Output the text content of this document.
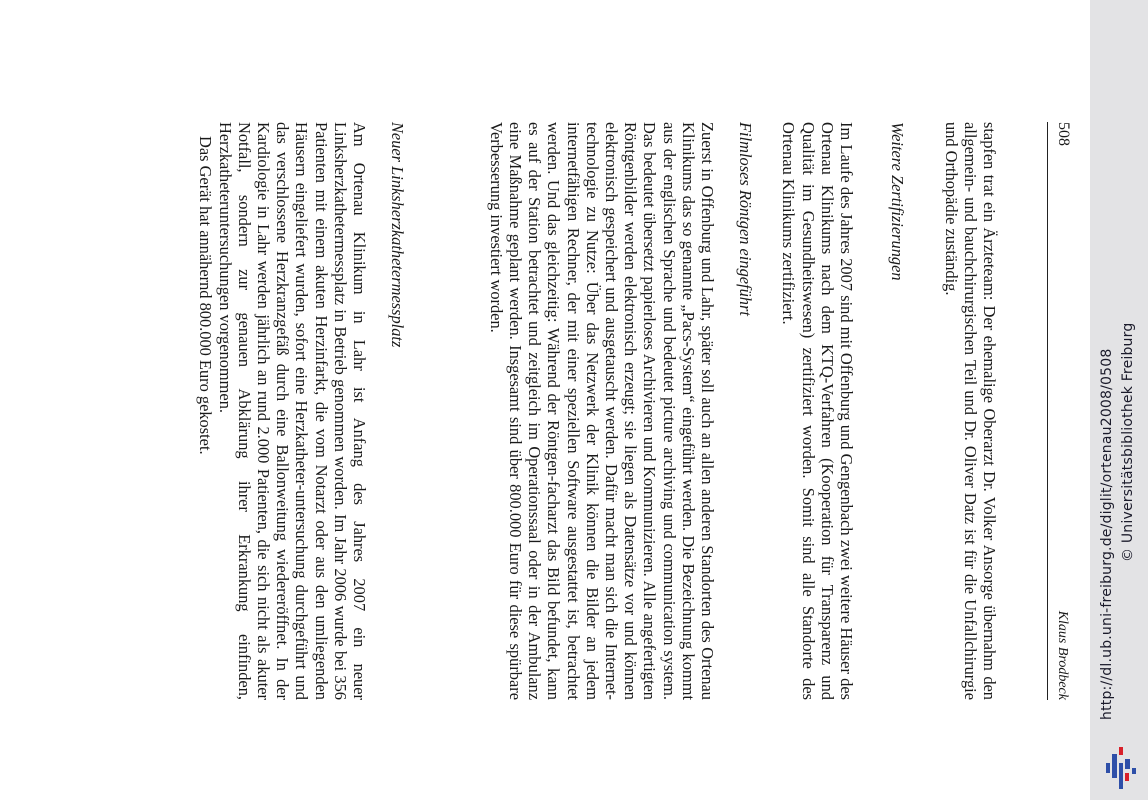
508
Klaus Brodbeck

stapfen trat ein Ärzteteam: Der ehemalige Oberarzt Dr. Volker Ansorge übernahm den allgemein- und bauchchirurgischen Teil und Dr. Oliver Datz ist für die Unfallchirurgie und Orthopädie zuständig.

Weitere Zertifizierungen

Im Laufe des Jahres 2007 sind mit Offenburg und Gengenbach zwei weitere Häuser des Ortenau Klinikums nach dem KTQ-Verfahren (Kooperation für Transparenz und Qualität im Gesundheitswesen) zertifiziert worden. Somit sind alle Standorte des Ortenau Klinikums zertifiziert.

Filmloses Röntgen eingeführt

Zuerst in Offenburg und Lahr, später soll auch an allen anderen Standorten des Ortenau Klinikums das so genannte „Pacs-System“ eingeführt werden. Die Bezeichnung kommt aus der englischen Sprache und bedeutet picture archiving und communication system. Das bedeutet übersetzt papierloses Archivieren und Kommunizieren. Alle angefertigten Röntgenbilder werden elektronisch erzeugt; sie liegen als Datensätze vor und können elektronisch gespeichert und ausgetauscht werden. Dafür macht man sich die Internet-technologie zu Nutze: Über das Netzwerk der Klinik können die Bilder an jedem internetfähigen Rechner, der mit einer speziellen Software ausgestattet ist, betrachtet werden. Und das gleichzeitig: Während der Röntgen-facharzt das Bild befundet, kann es auf der Station betrachtet und zeitgleich im Operationssaal oder in der Ambulanz eine Maßnahme geplant werden. Insgesamt sind über 800.000 Euro für diese spürbare Verbesserung investiert worden.

Neuer Linksherzkathetermessplatz

Am Ortenau Klinikum in Lahr ist Anfang des Jahres 2007 ein neuer Linksherzkathetermessplatz in Betrieb genommen worden. Im Jahr 2006 wurde bei 356 Patienten mit einem akuten Herzinfarkt, die vom Notarzt oder aus den umliegenden Häusern eingeliefert wurden, sofort eine Herzkatheter-untersuchung durchgeführt und das verschlossene Herzkranzgefäß durch eine Ballonweitung wiedereröffnet. In der Kardiologie in Lahr werden jährlich an rund 2.000 Patienten, die sich nicht als akuter Notfall, sondern zur genauen Abklärung ihrer Erkrankung einfinden, Herzkatheteruntersuchungen vorgenommen.

Das Gerät hat annähernd 800.000 Euro gekostet.

http://dl.ub.uni-freiburg.de/diglit/ortenau2008/0508 © Universitätsbibliothek Freiburg
